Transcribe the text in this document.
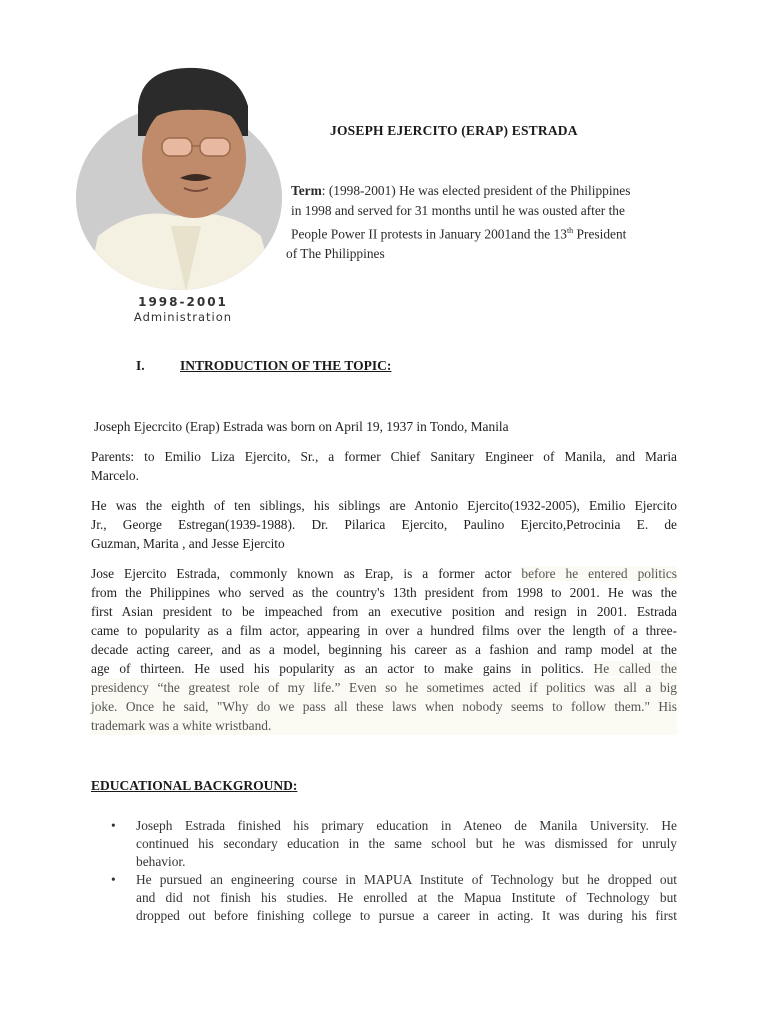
1998-2001
Administration
JOSEPH EJERCITO (ERAP) ESTRADA
Term: (1998-2001) He was elected president of the Philippines
in 1998 and served for 31 months until he was ousted after the
People Power II protests in January 2001and the 13th President
of The Philippines
I.	INTRODUCTION OF THE TOPIC:
Joseph Ejecrcito (Erap) Estrada was born on April 19, 1937 in Tondo, Manila
Parents: to Emilio Liza Ejercito, Sr., a former Chief Sanitary Engineer of Manila, and Maria
Marcelo.
He was the eighth of ten siblings, his siblings are Antonio Ejercito(1932-2005), Emilio Ejercito
Jr., George Estregan(1939-1988). Dr. Pilarica Ejercito, Paulino Ejercito,Petrocinia E. de
Guzman, Marita , and Jesse Ejercito
Jose Ejercito Estrada, commonly known as Erap, is a former actor before he entered politics
from the Philippines who served as the country's 13th president from 1998 to 2001. He was the
first Asian president to be impeached from an executive position and resign in 2001. Estrada
came to popularity as a film actor, appearing in over a hundred films over the length of a three-
decade acting career, and as a model, beginning his career as a fashion and ramp model at the
age of thirteen. He used his popularity as an actor to make gains in politics. He called the
presidency “the greatest role of my life.” Even so he sometimes acted if politics was all a big
joke. Once he said, "Why do we pass all these laws when nobody seems to follow them." His
trademark was a white wristband.
EDUCATIONAL BACKGROUND:
• Joseph Estrada finished his primary education in Ateneo de Manila University. He
continued his secondary education in the same school but he was dismissed for unruly
behavior.
• He pursued an engineering course in MAPUA Institute of Technology but he dropped out
and did not finish his studies. He enrolled at the Mapua Institute of Technology but
dropped out before finishing college to pursue a career in acting. It was during his first
